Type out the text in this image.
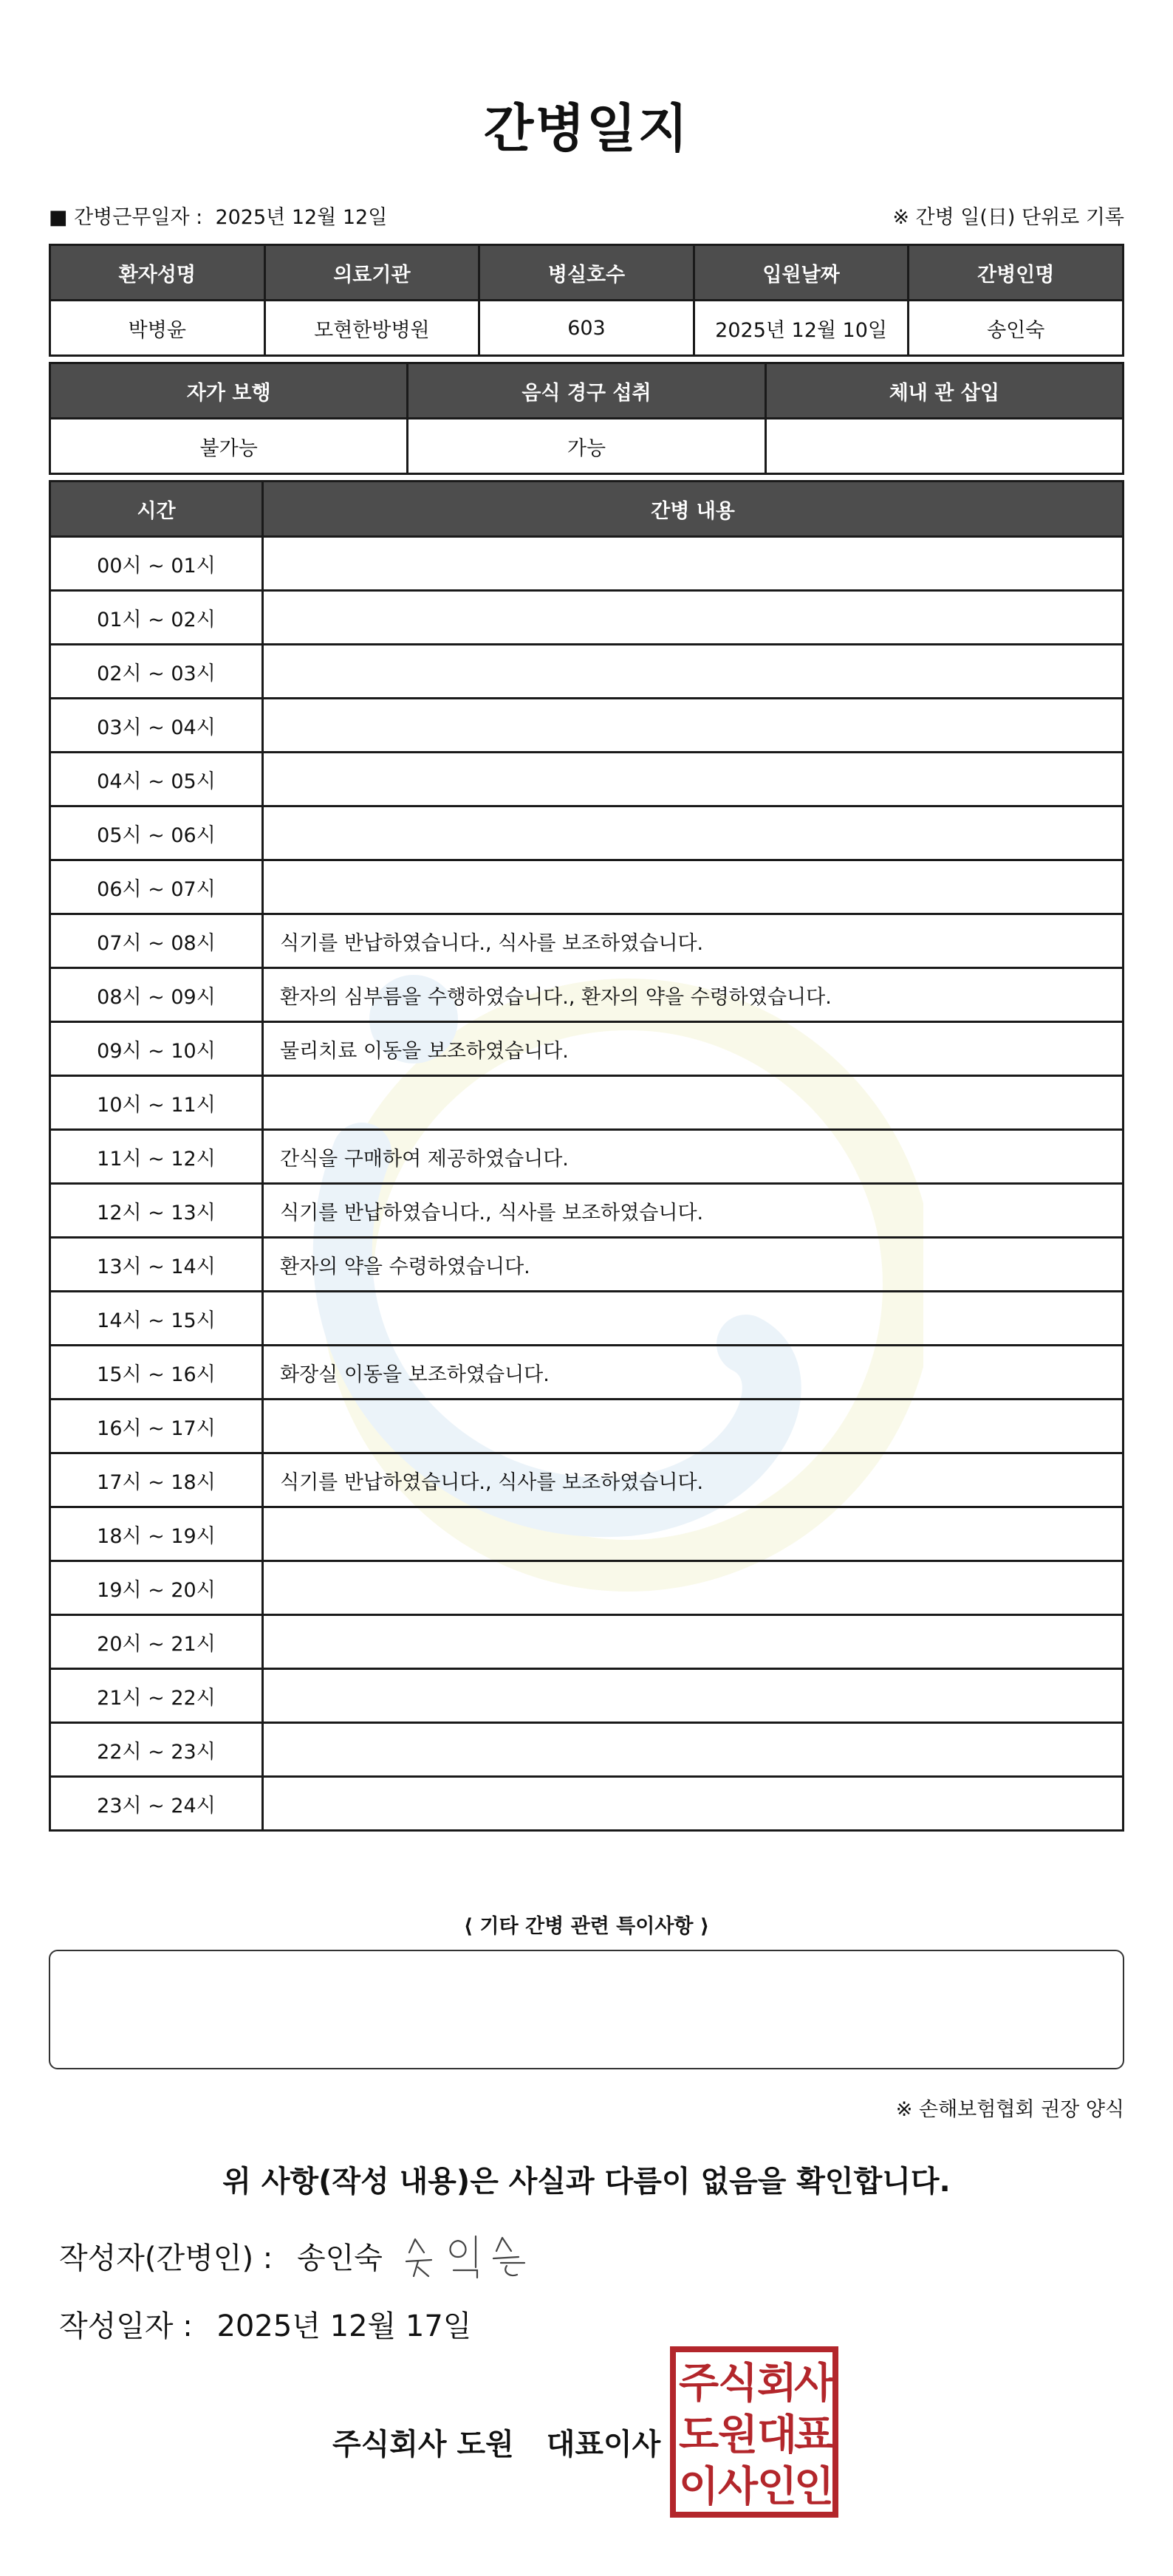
간병일지
■ 간병근무일자 : 2025년 12월 12일	※ 간병 일(日) 단위로 기록
환자성명	의료기관	병실호수	입원날짜	간병인명
박병윤	모현한방병원	603	2025년 12월 10일	송인숙
자가 보행	음식 경구 섭취	체내 관 삽입
불가능	가능	
시간	간병 내용
00시 ~ 01시	
01시 ~ 02시	
02시 ~ 03시	
03시 ~ 04시	
04시 ~ 05시	
05시 ~ 06시	
06시 ~ 07시	
07시 ~ 08시	식기를 반납하였습니다., 식사를 보조하였습니다.
08시 ~ 09시	환자의 심부름을 수행하였습니다., 환자의 약을 수령하였습니다.
09시 ~ 10시	물리치료 이동을 보조하였습니다.
10시 ~ 11시	
11시 ~ 12시	간식을 구매하여 제공하였습니다.
12시 ~ 13시	식기를 반납하였습니다., 식사를 보조하였습니다.
13시 ~ 14시	환자의 약을 수령하였습니다.
14시 ~ 15시	
15시 ~ 16시	화장실 이동을 보조하였습니다.
16시 ~ 17시	
17시 ~ 18시	식기를 반납하였습니다., 식사를 보조하였습니다.
18시 ~ 19시	
19시 ~ 20시	
20시 ~ 21시	
21시 ~ 22시	
22시 ~ 23시	
23시 ~ 24시	
⟨ 기타 간병 관련 특이사항 ⟩
※ 손해보험협회 권장 양식
위 사항(작성 내용)은 사실과 다름이 없음을 확인합니다.
작성자(간병인) : 송인숙
작성일자 : 2025년 12월 17일
주식회사 도원 대표이사
주
식
회
사
도
원
대
표
이
사
인
인
